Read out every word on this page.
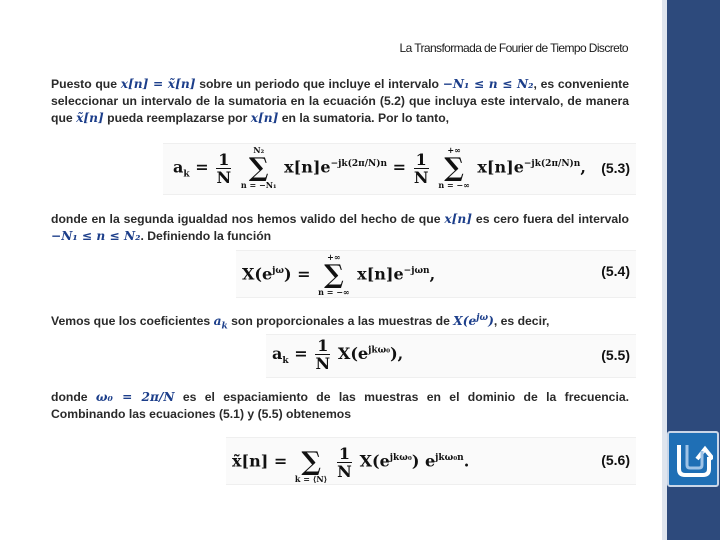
La Transformada de Fourier de Tiempo Discreto
Puesto que x[n] = x̃[n] sobre un periodo que incluye el intervalo −N₁ ≤ n ≤ N₂, es conveniente seleccionar un intervalo de la sumatoria en la ecuación (5.2) que incluya este intervalo, de manera que x̃[n] pueda reemplazarse por x[n] en la sumatoria. Por lo tanto,
$a_k = \frac{1}{N}$

N₂
∑
n = −N₁
$x[n]e^{-jk(2\pi/N)n} = \frac{1}{N}$

+∞
∑
n = −∞
$x[n]e^{-jk(2\pi/N)n}$, (5.3)
donde en la segunda igualdad nos hemos valido del hecho de que x[n] es cero fuera del intervalo −N₁ ≤ n ≤ N₂. Definiendo la función
$X(e^{j\omega})$ =
+∞
∑
n = −∞
$x[n]e^{-j\omega n}$,	(5.4)
Vemos que los coeficientes $a_k$ son proporcionales a las muestras de $X(e^{j\omega})$, es decir,
$a_k = \frac{1}{N} X(e^{jk\omega_0})$,	(5.5)
donde ω₀ = 2π/N es el espaciamiento de las muestras en el dominio de la frecuencia. Combinando las ecuaciones (5.1) y (5.5) obtenemos
x̃[n] =
∑
k = ⟨N⟩
$\frac{1}{N} X(e^{jk\omega_0})$ $e^{jk\omega_0n}$.	(5.6)
